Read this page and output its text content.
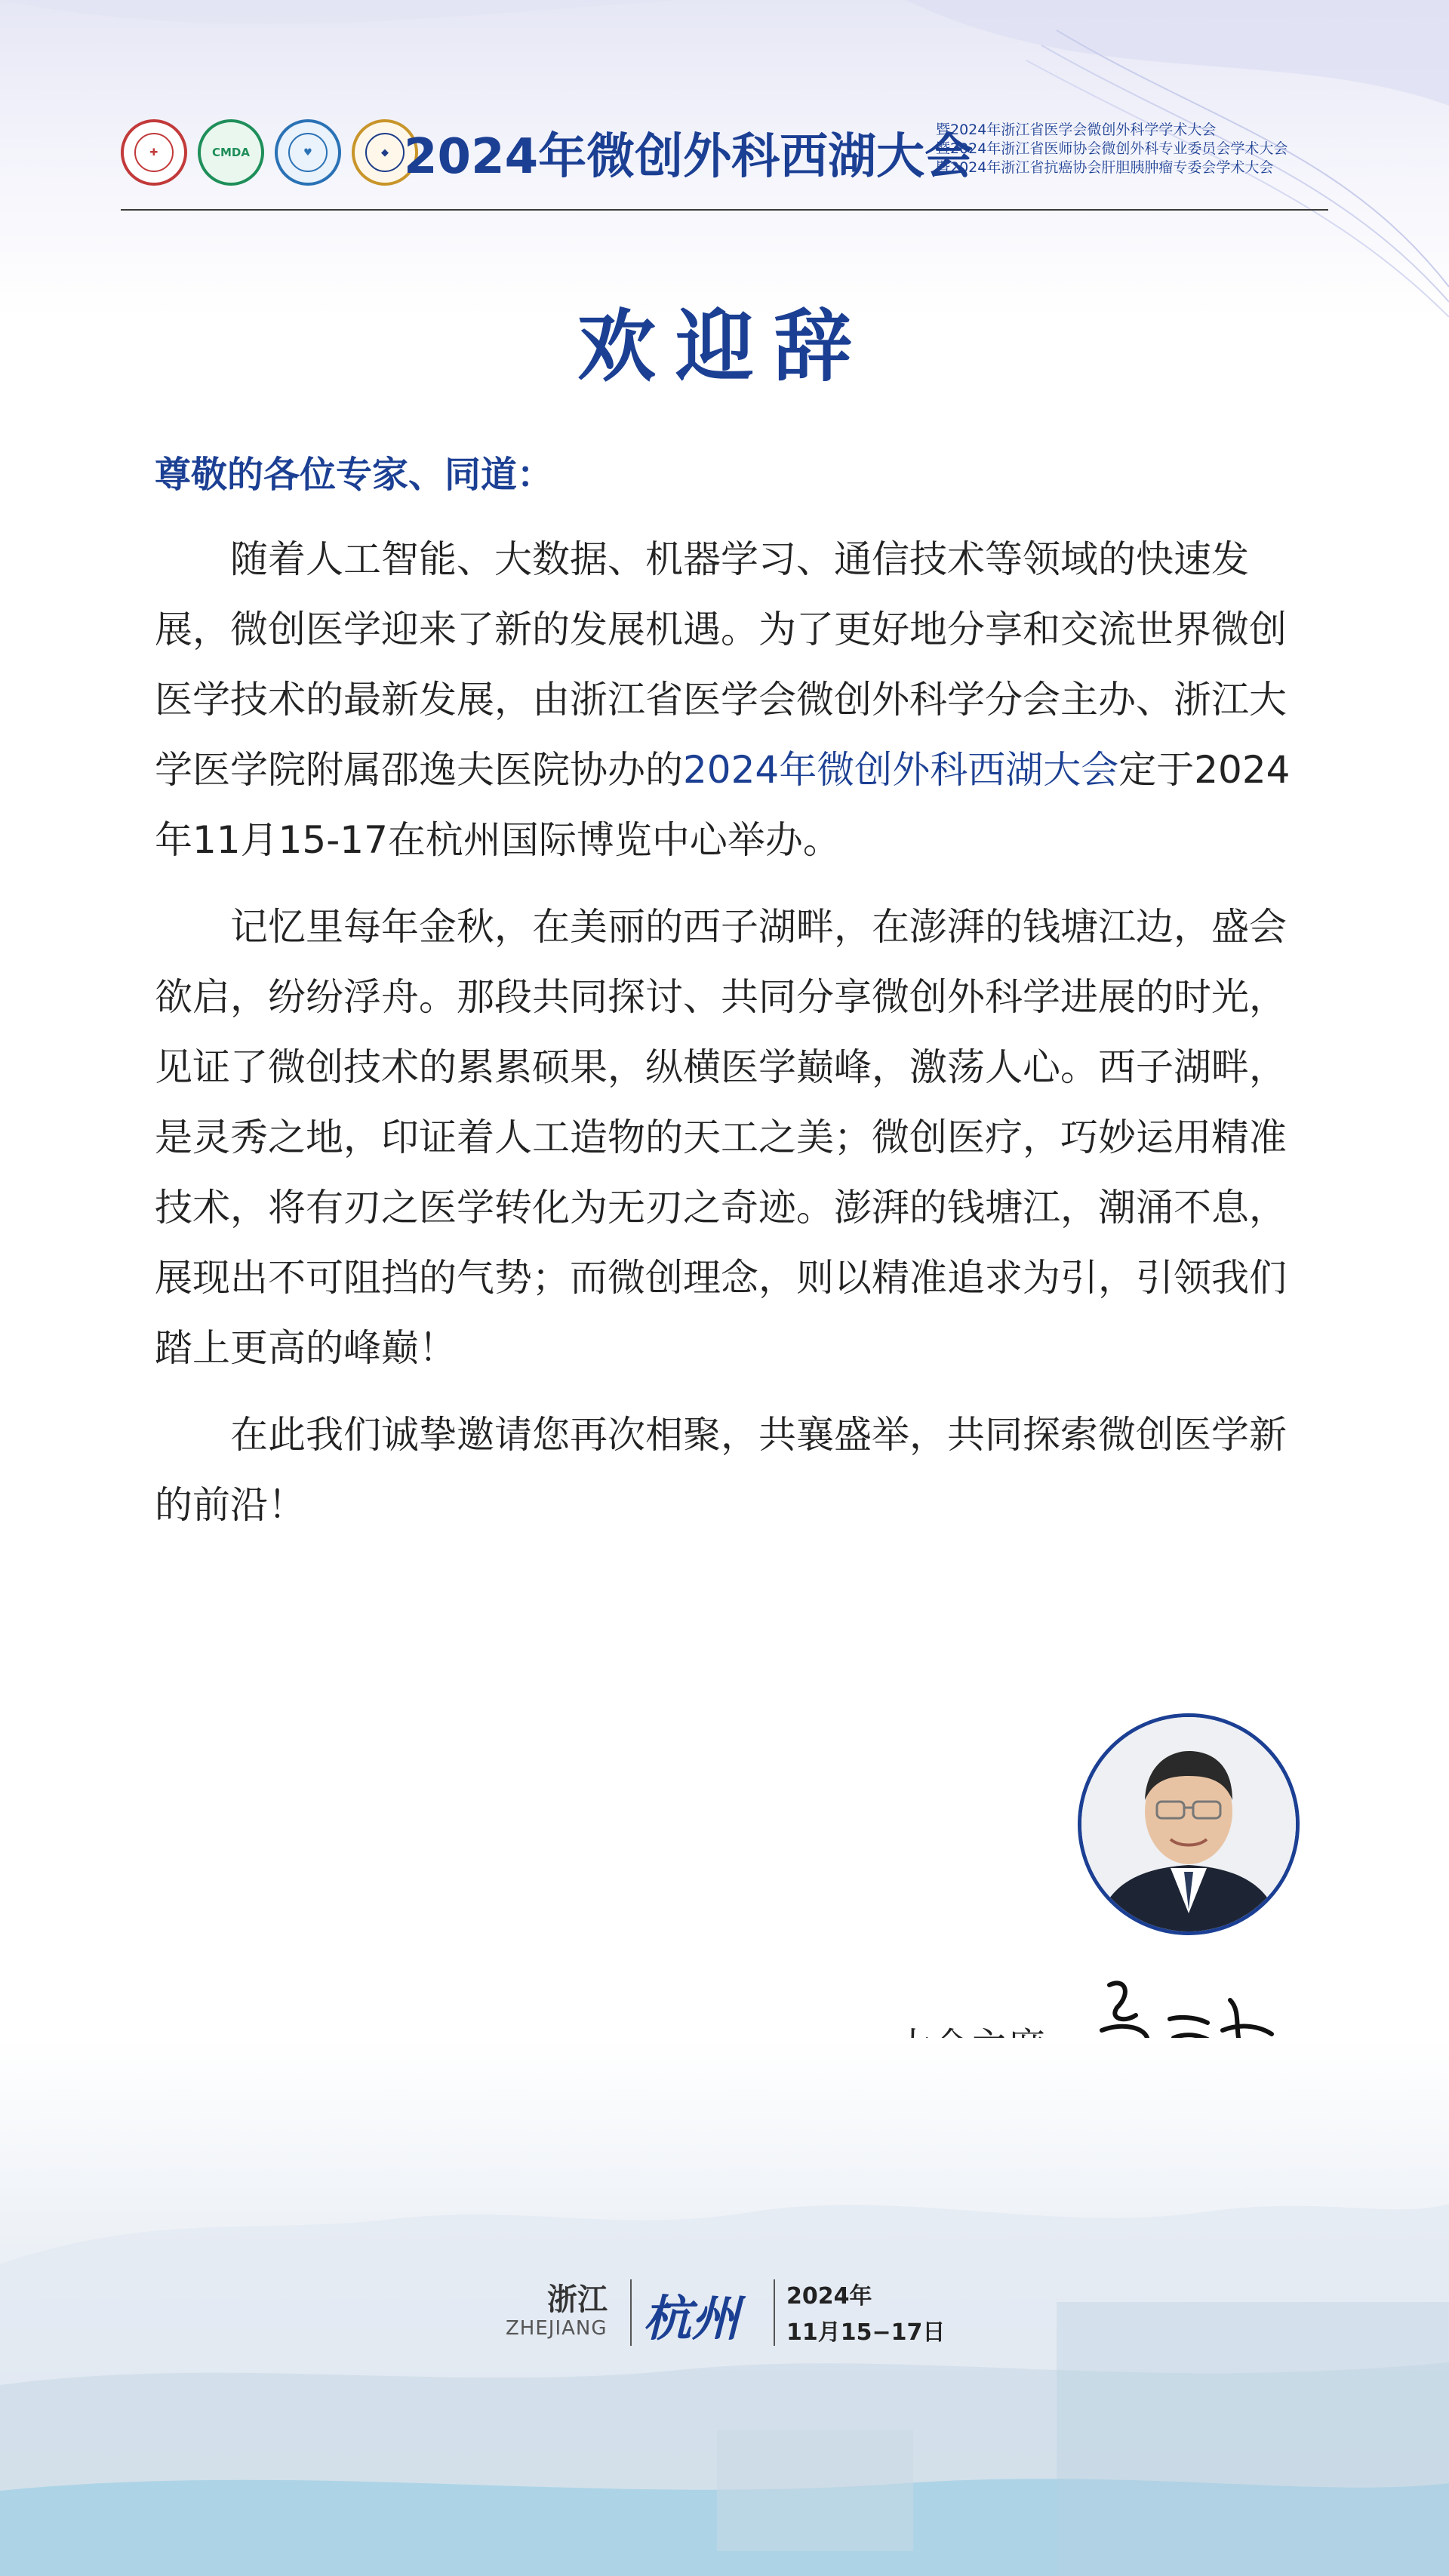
✚	CMDA	♥	◆ 2024年微创外科西湖大会
暨2024年浙江省医学会微创外科学学术大会
暨2024年浙江省医师协会微创外科专业委员会学术大会
暨2024年浙江省抗癌协会肝胆胰肿瘤专委会学术大会
欢迎辞
尊敬的各位专家、同道：

随着人工智能、大数据、机器学习、通信技术等领域的快速发展，微创医学迎来了新的发展机遇。为了更好地分享和交流世界微创医学技术的最新发展，由浙江省医学会微创外科学分会主办、浙江大学医学院附属邵逸夫医院协办的2024年微创外科西湖大会定于2024年11月15-17在杭州国际博览中心举办。

记忆里每年金秋，在美丽的西子湖畔，在澎湃的钱塘江边，盛会欲启，纷纷浮舟。那段共同探讨、共同分享微创外科学进展的时光，见证了微创技术的累累硕果，纵横医学巅峰，激荡人心。西子湖畔，是灵秀之地，印证着人工造物的天工之美；微创医疗，巧妙运用精准技术，将有刃之医学转化为无刃之奇迹。澎湃的钱塘江，潮涌不息，展现出不可阻挡的气势；而微创理念，则以精准追求为引，引领我们踏上更高的峰巅！

在此我们诚挚邀请您再次相聚，共襄盛举，共同探索微创医学新的前沿！

浙江
ZHEJIANG 杭州 2024年
11月15−17日
